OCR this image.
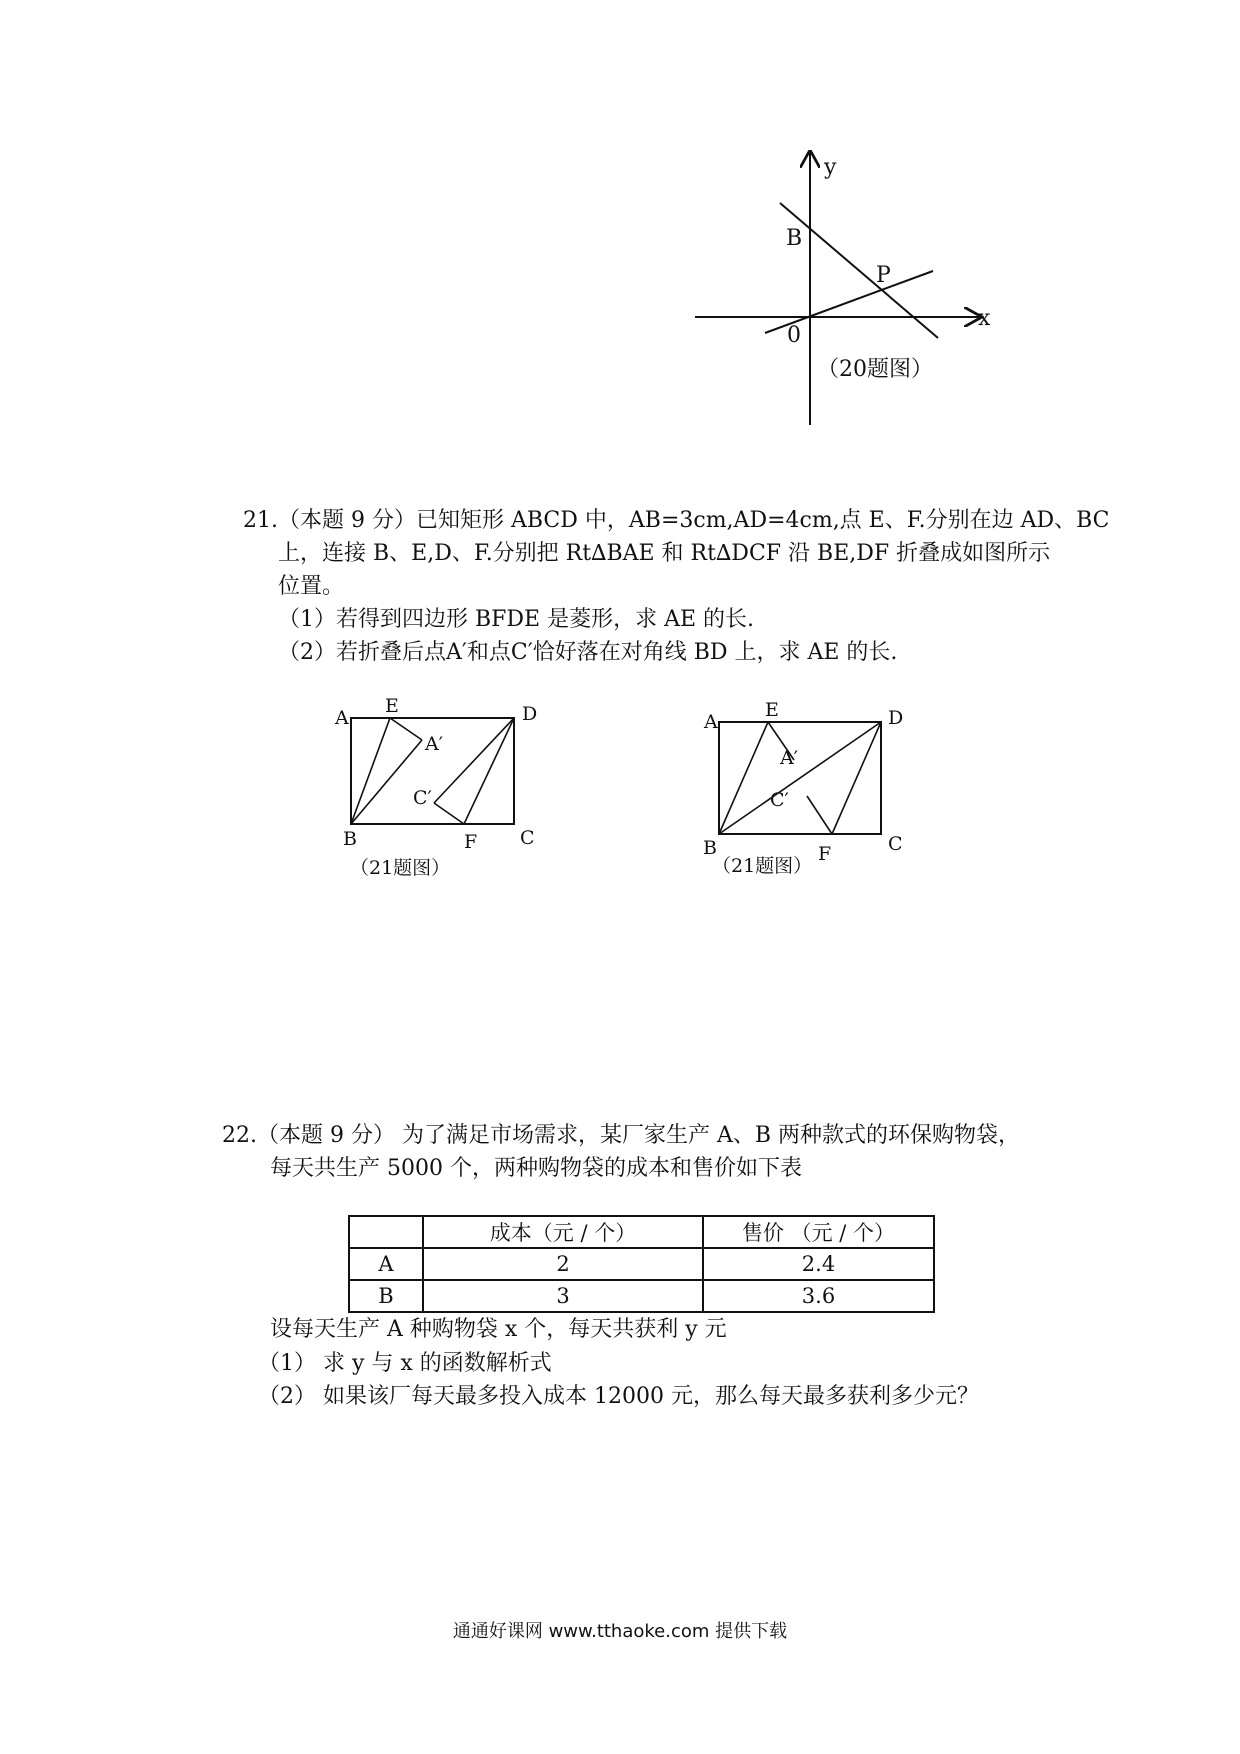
y
x
B
P
0
（20题图）
21.（本题 9 分）已知矩形 ABCD 中，AB=3cm,AD=4cm,点 E、F.分别在边 AD、BC
上，连接 B、E,D、F.分别把 Rt∆BAE 和 Rt∆DCF 沿 BE,DF 折叠成如图所示
位置。
（1）若得到四边形 BFDE 是菱形，求 AE 的长.
（2）若折叠后点A′和点C′恰好落在对角线 BD 上，求 AE 的长.
A
E	D
A′
C′
B	F C
（21题图）
A
E	D
A′
C′
B	F	C
（21题图）
22.（本题 9 分） 为了满足市场需求，某厂家生产 A、B 两种款式的环保购物袋，
每天共生产 5000 个，两种购物袋的成本和售价如下表
	成本（元 / 个）	售价 （元 / 个）
A	2	2.4
B	3	3.6
设每天生产 A 种购物袋 x 个，每天共获利 y 元
（1） 求 y 与 x 的函数解析式
（2） 如果该厂每天最多投入成本 12000 元，那么每天最多获利多少元？
通通好课网 www.tthaoke.com 提供下载
